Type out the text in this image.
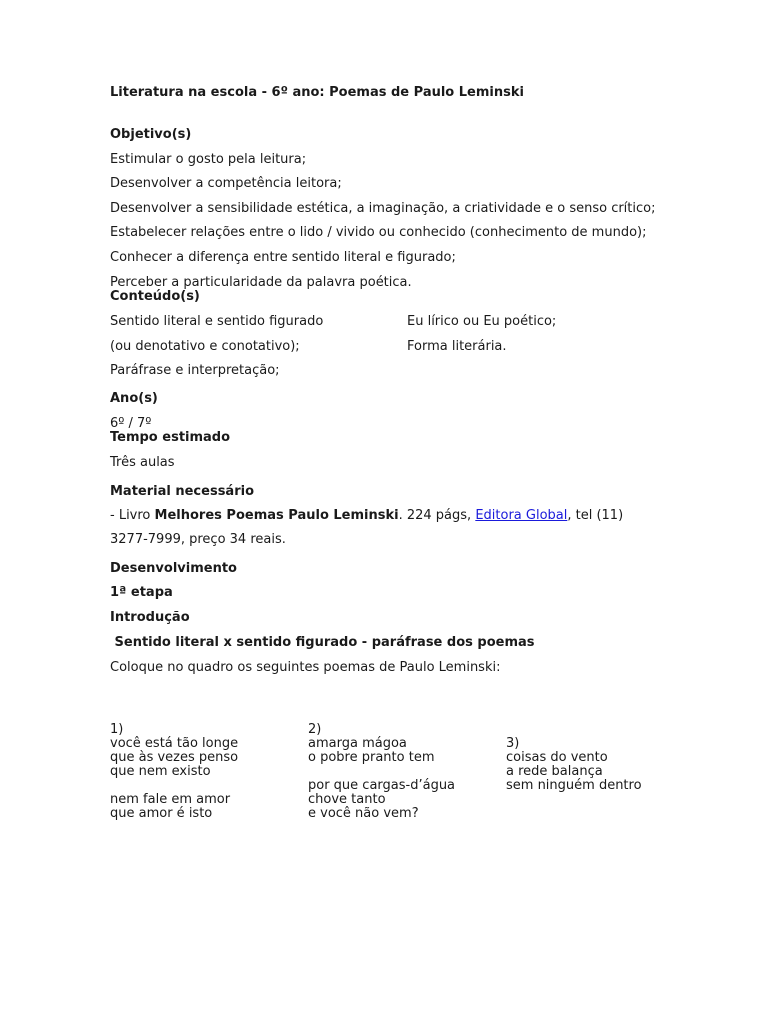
Literatura na escola - 6º ano: Poemas de Paulo Leminski
Objetivo(s)
Estimular o gosto pela leitura;
Desenvolver a competência leitora;
Desenvolver a sensibilidade estética, a imaginação, a criatividade e o senso crítico;
Estabelecer relações entre o lido / vivido ou conhecido (conhecimento de mundo);
Conhecer a diferença entre sentido literal e figurado;
Perceber a particularidade da palavra poética.
Conteúdo(s)
Sentido literal e sentido figurado
(ou denotativo e conotativo);
Paráfrase e interpretação;
Eu lírico ou Eu poético;
Forma literária.
Ano(s)
6º / 7º
Tempo estimado
Três aulas
Material necessário
- Livro Melhores Poemas Paulo Leminski. 224 págs, Editora Global, tel (11)
3277-7999, preço 34 reais.
Desenvolvimento
1ª etapa
Introdução
Sentido literal x sentido figurado - paráfrase dos poemas
Coloque no quadro os seguintes poemas de Paulo Leminski:
1)
você está tão longe
que às vezes penso
que nem existo
nem fale em amor
que amor é isto
2)
amarga mágoa
o pobre pranto tem
por que cargas-d’água
chove tanto
e você não vem?
3)
coisas do vento
a rede balança
sem ninguém dentro
